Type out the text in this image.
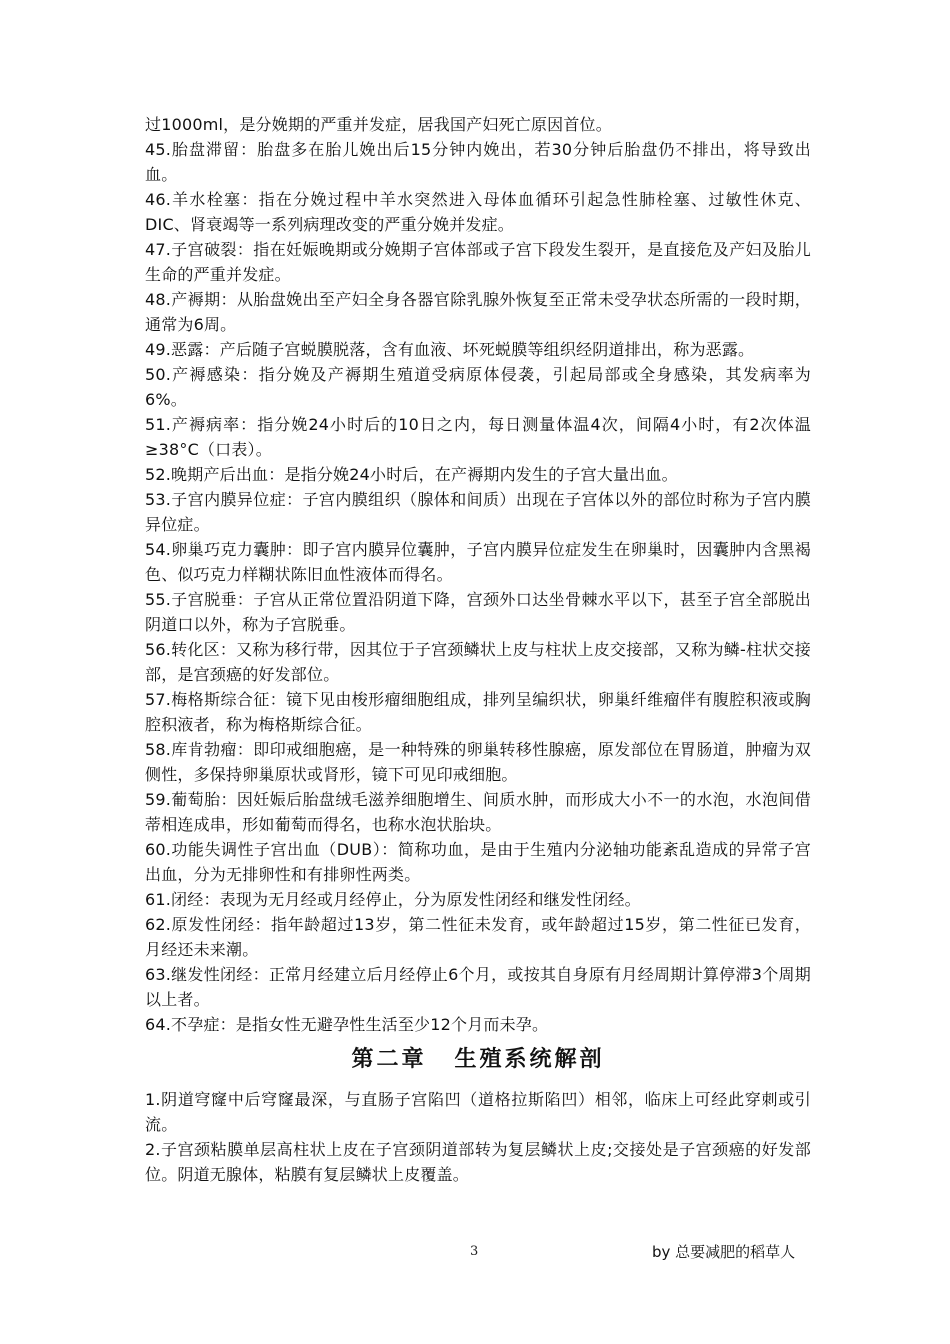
过1000ml，是分娩期的严重并发症，居我国产妇死亡原因首位。

45.胎盘滞留：胎盘多在胎儿娩出后15分钟内娩出，若30分钟后胎盘仍不排出，将导致出血。

46.羊水栓塞：指在分娩过程中羊水突然进入母体血循环引起急性肺栓塞、过敏性休克、DIC、肾衰竭等一系列病理改变的严重分娩并发症。

47.子宫破裂：指在妊娠晚期或分娩期子宫体部或子宫下段发生裂开，是直接危及产妇及胎儿生命的严重并发症。

48.产褥期：从胎盘娩出至产妇全身各器官除乳腺外恢复至正常未受孕状态所需的一段时期，通常为6周。

49.恶露：产后随子宫蜕膜脱落，含有血液、坏死蜕膜等组织经阴道排出，称为恶露。

50.产褥感染：指分娩及产褥期生殖道受病原体侵袭，引起局部或全身感染，其发病率为6%。

51.产褥病率：指分娩24小时后的10日之内，每日测量体温4次，间隔4小时，有2次体温≥38°C（口表）。

52.晚期产后出血：是指分娩24小时后，在产褥期内发生的子宫大量出血。

53.子宫内膜异位症：子宫内膜组织（腺体和间质）出现在子宫体以外的部位时称为子宫内膜异位症。

54.卵巢巧克力囊肿：即子宫内膜异位囊肿，子宫内膜异位症发生在卵巢时，因囊肿内含黑褐色、似巧克力样糊状陈旧血性液体而得名。

55.子宫脱垂：子宫从正常位置沿阴道下降，宫颈外口达坐骨棘水平以下，甚至子宫全部脱出阴道口以外，称为子宫脱垂。

56.转化区：又称为移行带，因其位于子宫颈鳞状上皮与柱状上皮交接部，又称为鳞-柱状交接部，是宫颈癌的好发部位。

57.梅格斯综合征：镜下见由梭形瘤细胞组成，排列呈编织状，卵巢纤维瘤伴有腹腔积液或胸腔积液者，称为梅格斯综合征。

58.库肯勃瘤：即印戒细胞癌，是一种特殊的卵巢转移性腺癌，原发部位在胃肠道，肿瘤为双侧性，多保持卵巢原状或肾形，镜下可见印戒细胞。

59.葡萄胎：因妊娠后胎盘绒毛滋养细胞增生、间质水肿，而形成大小不一的水泡，水泡间借蒂相连成串，形如葡萄而得名，也称水泡状胎块。

60.功能失调性子宫出血（DUB）：简称功血，是由于生殖内分泌轴功能紊乱造成的异常子宫出血，分为无排卵性和有排卵性两类。

61.闭经：表现为无月经或月经停止，分为原发性闭经和继发性闭经。

62.原发性闭经：指年龄超过13岁，第二性征未发育，或年龄超过15岁，第二性征已发育，月经还未来潮。

63.继发性闭经：正常月经建立后月经停止6个月，或按其自身原有月经周期计算停滞3个周期以上者。

64.不孕症：是指女性无避孕性生活至少12个月而未孕。

第二章 生殖系统解剖

1.阴道穹窿中后穹窿最深，与直肠子宫陷凹（道格拉斯陷凹）相邻，临床上可经此穿刺或引流。

2.子宫颈粘膜单层高柱状上皮在子宫颈阴道部转为复层鳞状上皮;交接处是子宫颈癌的好发部位。阴道无腺体，粘膜有复层鳞状上皮覆盖。

3	by 总要减肥的稻草人
